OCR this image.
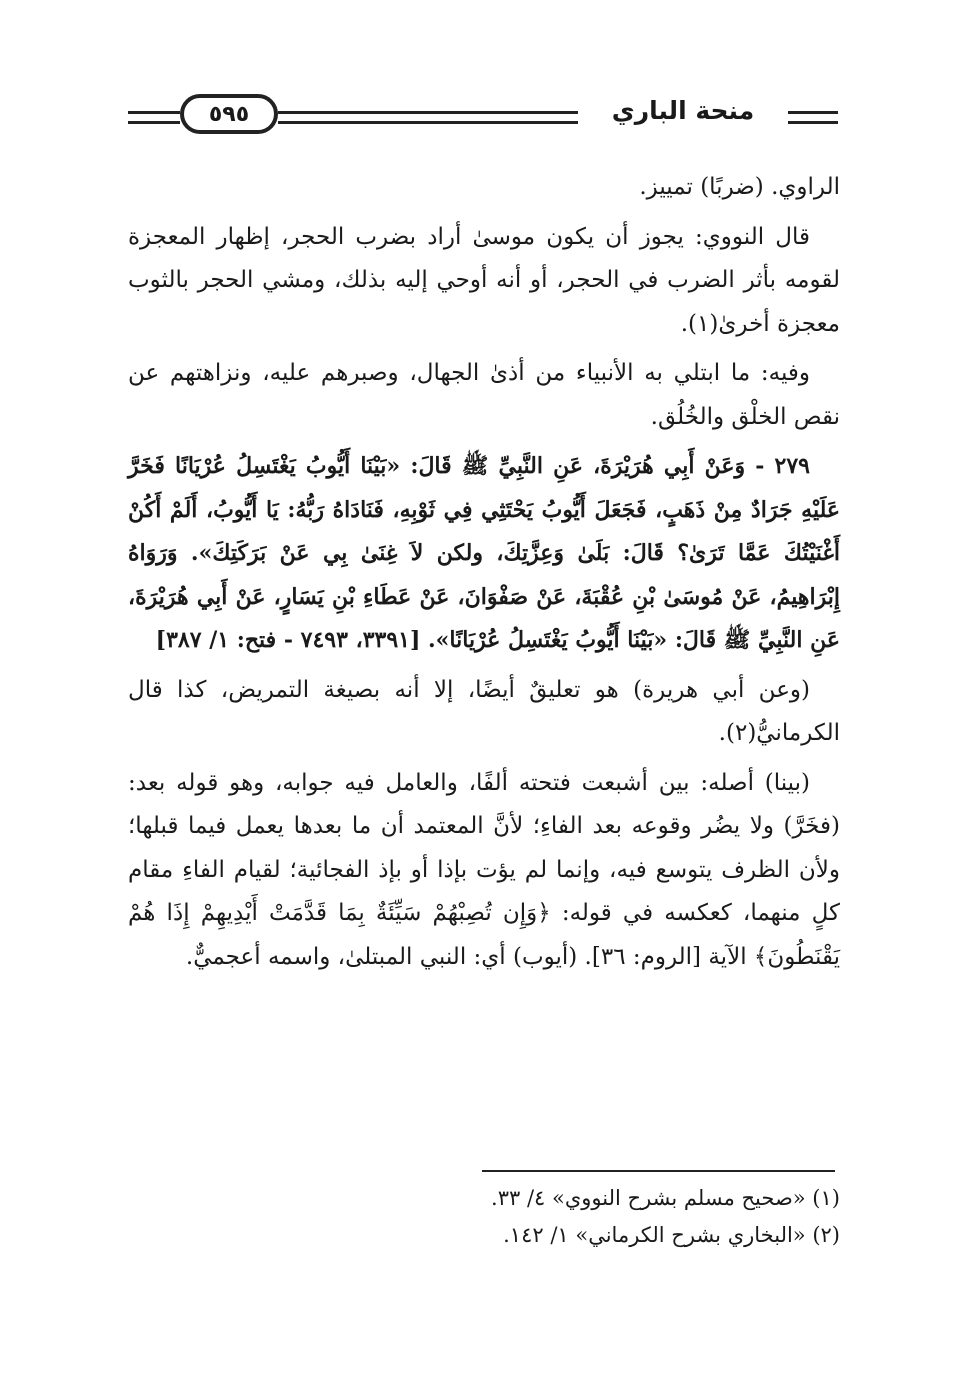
٥٩٥	منحة الباري

الراوي. (ضربًا) تمييز.

قال النووي: يجوز أن يكون موسىٰ أراد بضرب الحجر، إظهار المعجزة لقومه بأثر الضرب في الحجر، أو أنه أوحي إليه بذلك، ومشي الحجر بالثوب معجزة أخرىٰ(١).

وفيه: ما ابتلي به الأنبياء من أذىٰ الجهال، وصبرهم عليه، ونزاهتهم عن نقص الخلْق والخُلُق.

٢٧٩ - وَعَنْ أَبِي هُرَيْرَةَ، عَنِ النَّبِيِّ ﷺ قَالَ: «بَيْنَا أَيُّوبُ يَغْتَسِلُ عُرْيَانًا فَخَرَّ عَلَيْهِ جَرَادٌ مِنْ ذَهَبٍ، فَجَعَلَ أَيُّوبُ يَحْتَثِي فِي ثَوْبِهِ، فَنَادَاهُ رَبُّهُ: يَا أَيُّوبُ، أَلَمْ أَكُنْ أَغْنَيْتُكَ عَمَّا تَرَىٰ؟ قَالَ: بَلَىٰ وَعِزَّتِكَ، ولكن لاَ غِنَىٰ بِي عَنْ بَرَكَتِكَ». وَرَوَاهُ إِبْرَاهِيمُ، عَنْ مُوسَىٰ بْنِ عُقْبَةَ، عَنْ صَفْوَانَ، عَنْ عَطَاءِ بْنِ يَسَارٍ، عَنْ أَبِي هُرَيْرَةَ، عَنِ النَّبِيِّ ﷺ قَالَ: «بَيْنَا أَيُّوبُ يَغْتَسِلُ عُرْيَانًا». [٣٣٩١، ٧٤٩٣ - فتح: ١/ ٣٨٧]

(وعن أبي هريرة) هو تعليقٌ أيضًا، إلا أنه بصيغة التمريض، كذا قال الكرمانيُّ(٢).

(بينا) أصله: بين أشبعت فتحته ألفًا، والعامل فيه جوابه، وهو قوله بعد: (فخَرَّ) ولا يضُر وقوعه بعد الفاءِ؛ لأنَّ المعتمد أن ما بعدها يعمل فيما قبلها؛ ولأن الظرف يتوسع فيه، وإنما لم يؤت بإذا أو بإذ الفجائية؛ لقيام الفاءِ مقام كلٍ منهما، كعكسه في قوله: ﴿وَإِن تُصِبْهُمْ سَيِّئَةٌ بِمَا قَدَّمَتْ أَيْدِيهِمْ إِذَا هُمْ يَقْنَطُونَ﴾ الآية [الروم: ٣٦]. (أيوب) أي: النبي المبتلىٰ، واسمه أعجميٌّ.

(١) «صحيح مسلم بشرح النووي» ٤/ ٣٣.
(٢) «البخاري بشرح الكرماني» ١/ ١٤٢.
